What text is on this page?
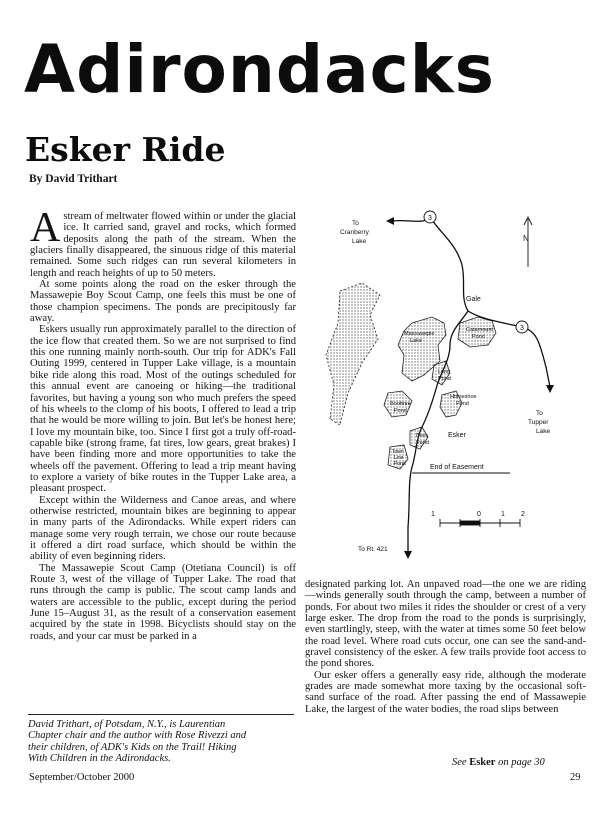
Adirondacks
Esker Ride
By David Trithart

Astream of meltwater flowed within or under the glacial ice. It carried sand, gravel and rocks, which formed deposits along the path of the stream. When the glaciers finally disappeared, the sinuous ridge of this material remained. Some such ridges can run several kilometers in length and reach heights of up to 50 meters.

At some points along the road on the esker through the Massawepie Boy Scout Camp, one feels this must be one of those champion specimens. The ponds are precipitously far away.

Eskers usually run approximately parallel to the direction of the ice flow that created them. So we are not surprised to find this one running mainly north-south. Our trip for ADK's Fall Outing 1999, centered in Tupper Lake village, is a mountain bike ride along this road. Most of the outings scheduled for this annual event are canoeing or hiking—the traditional favorites, but having a young son who much prefers the speed of his wheels to the clomp of his boots, I offered to lead a trip that he would be more willing to join. But let's be honest here; I love my mountain bike, too. Since I first got a truly off-road-capable bike (strong frame, fat tires, low gears, great brakes) I have been finding more and more opportunities to take the wheels off the pavement. Offering to lead a trip meant having to explore a variety of bike routes in the Tupper Lake area, a pleasant prospect.

Except within the Wilderness and Canoe areas, and where otherwise restricted, mountain bikes are beginning to appear in many parts of the Adirondacks. While expert riders can manage some very rough terrain, we chose our route because it offered a dirt road surface, which should be within the ability of even beginning riders.

The Massawepie Scout Camp (Otetiana Council) is off Route 3, west of the village of Tupper Lake. The road that runs through the camp is public. The scout camp lands and waters are accessible to the public, except during the period June 15–August 31, as the result of a conservation easement acquired by the state in 1998. Bicyclists should stay on the roads, and your car must be parked in a

David Trithart, of Potsdam, N.Y., is Laurentian
Chapter chair and the author with Rose Rivezzi and
their children, of ADK's Kids on the Trail! Hiking
With Children in the Adirondacks.

designated parking lot. An unpaved road—the one we are riding—winds generally south through the camp, between a number of ponds. For about two miles it rides the shoulder or crest of a very large esker. The drop from the road to the ponds is surprisingly, even startlingly, steep, with the water at times some 50 feet below the road level. Where road cuts occur, one can see the sand-and-gravel consistency of the esker. A few trails provide foot access to the pond shores.

Our esker offers a generally easy ride, although the moderate grades are made somewhat more taxing by the occasional soft-sand surface of the road. After passing the end of Massawepie Lake, the largest of the water bodies, the road slips between

See Esker on page 30
September/October 2000	29
3
3
N
To
Cranberry
Lake
Gale
Catamount
Pond
Massawepie
Lake
Long
Pond
Horseshoe
Pond
Boottree
Pond	To
Tupper
Lake
Esker
Deer
Pond
Town
Line
Pond	End of Easement
To Rt. 421
1	0	1 2
